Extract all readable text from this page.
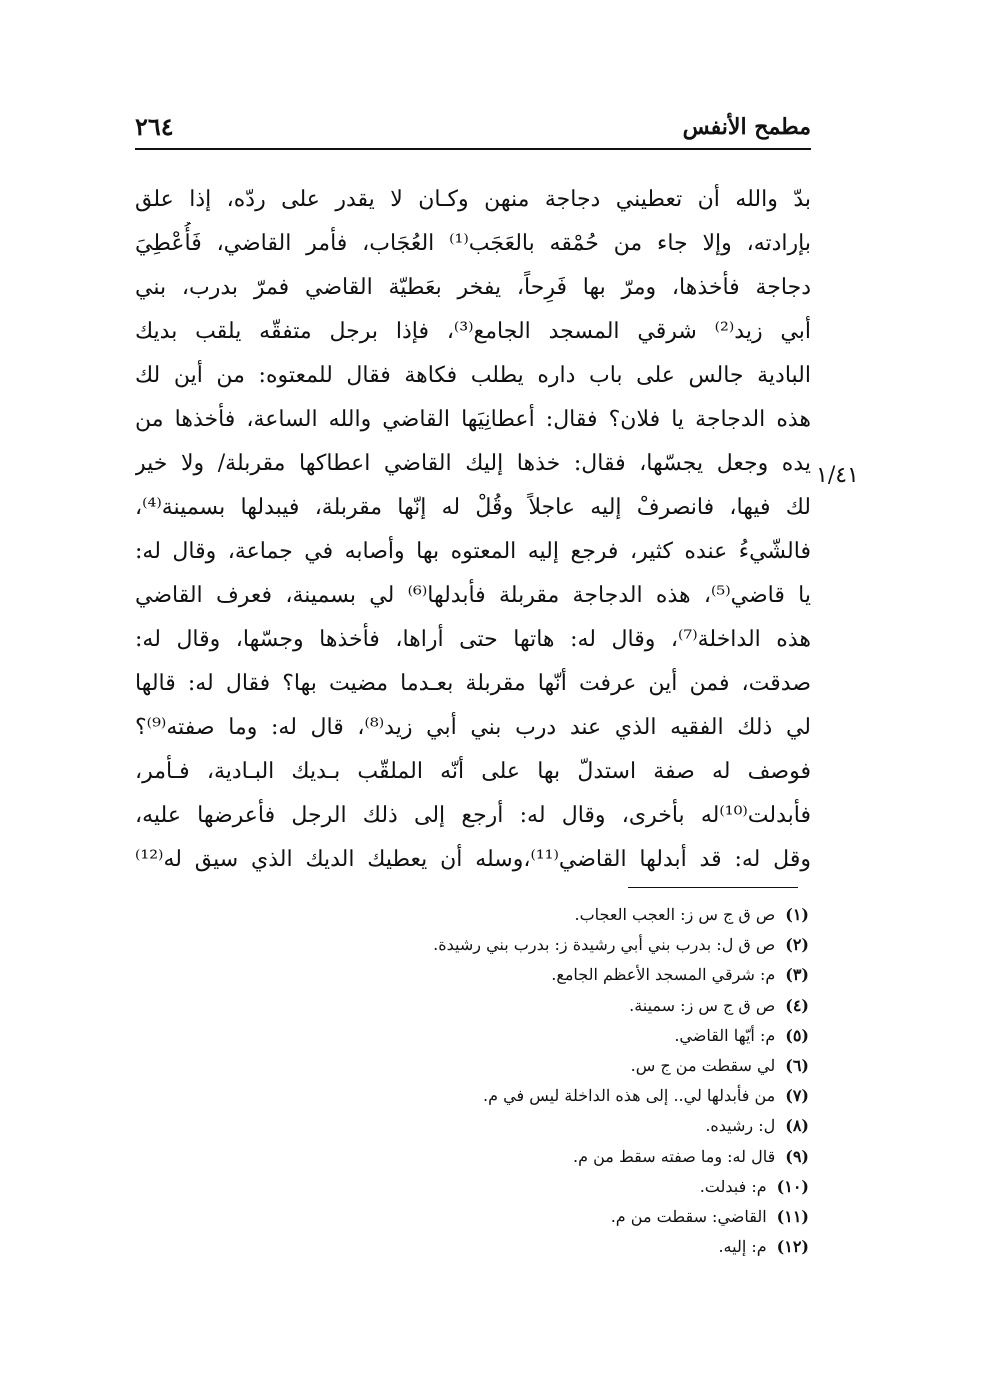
مطمح الأنفس
٢٦٤
١/٤١
بدّ والله أن تعطيني دجاجة منهن وكـان لا يقدر على ردّه، إذا علق
بإرادته، وإلا جاء من حُمْقه بالعَجَب⁽¹⁾ العُجَاب، فأمر القاضي، فَأُعْطِيَ
دجاجة فأخذها، ومرّ بها فَرِحاً، يفخر بعَطيّة القاضي فمرّ بدرب، بني
أبي زيد⁽²⁾ شرقي المسجد الجامع⁽³⁾، فإذا برجل متفقّه يلقب بديك
البادية جالس على باب داره يطلب فكاهة فقال للمعتوه: من أين لك
هذه الدجاجة يا فلان؟ فقال: أعطانِيَها القاضي والله الساعة، فأخذها من
يده وجعل يجسّها، فقال: خذها إليك القاضي اعطاكها مقربلة/ ولا خير
لك فيها، فانصرفْ إليه عاجلاً وقُلْ له إنّها مقربلة، فيبدلها بسمينة⁽⁴⁾،
فالشّيءُ عنده كثير، فرجع إليه المعتوه بها وأصابه في جماعة، وقال له:
يا قاضي⁽⁵⁾، هذه الدجاجة مقربلة فأبدلها⁽⁶⁾ لي بسمينة، فعرف القاضي
هذه الداخلة⁽⁷⁾، وقال له: هاتها حتى أراها، فأخذها وجسّها، وقال له:
صدقت، فمن أين عرفت أنّها مقربلة بعـدما مضيت بها؟ فقال له: قالها
لي ذلك الفقيه الذي عند درب بني أبي زيد⁽⁸⁾، قال له: وما صفته⁽⁹⁾؟
فوصف له صفة استدلّ بها على أنّه الملقّب بـديك البـادية، فـأمر،
فأبدلت⁽¹⁰⁾له بأخرى، وقال له: أرجع إلى ذلك الرجل فأعرضها عليه،
وقل له: قد أبدلها القاضي⁽¹¹⁾،وسله أن يعطيك الديك الذي سيق له⁽¹²⁾
(١)ص ق ج س ز: العجب العجاب.
(٢)ص ق ل: بدرب بني أبي رشيدة ز: بدرب بني رشيدة.
(٣)م: شرقي المسجد الأعظم الجامع.
(٤)ص ق ج س ز: سمينة.
(٥)م: أيّها القاضي.
(٦)لي سقطت من ج س.
(٧)من فأبدلها لي.. إلى هذه الداخلة ليس في م.
(٨)ل: رشيده.
(٩)قال له: وما صفته سقط من م.
(١٠)م: فبدلت.
(١١)القاضي: سقطت من م.
(١٢)م: إليه.
